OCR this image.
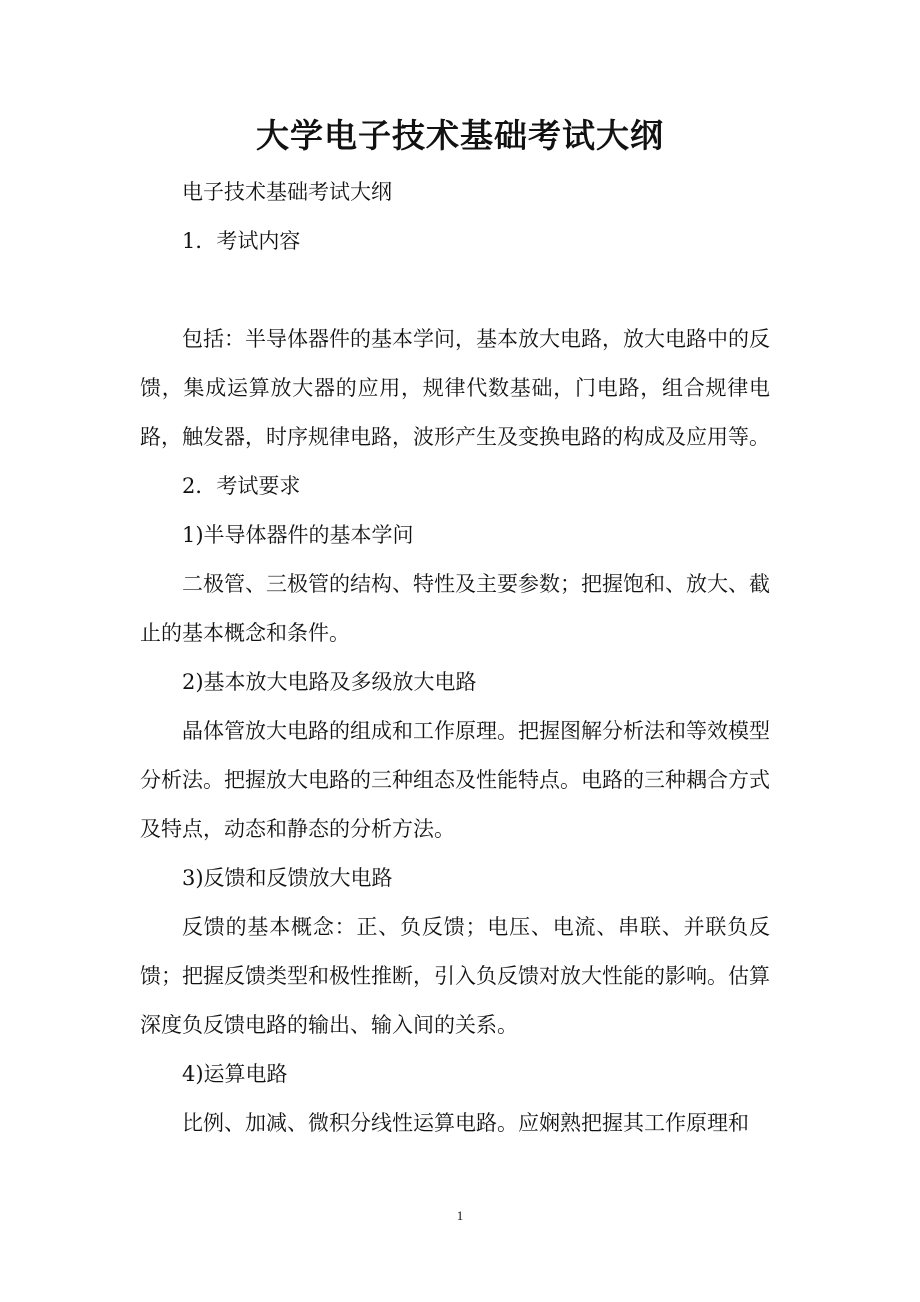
大学电子技术基础考试大纲

电子技术基础考试大纲

1．考试内容

包括：半导体器件的基本学问，基本放大电路，放大电路中的反馈，集成运算放大器的应用，规律代数基础，门电路，组合规律电路，触发器，时序规律电路，波形产生及变换电路的构成及应用等。

2．考试要求

1)半导体器件的基本学问

二极管、三极管的结构、特性及主要参数；把握饱和、放大、截止的基本概念和条件。

2)基本放大电路及多级放大电路

晶体管放大电路的组成和工作原理。把握图解分析法和等效模型分析法。把握放大电路的三种组态及性能特点。电路的三种耦合方式及特点，动态和静态的分析方法。

3)反馈和反馈放大电路

反馈的基本概念：正、负反馈；电压、电流、串联、并联负反馈；把握反馈类型和极性推断，引入负反馈对放大性能的影响。估算深度负反馈电路的输出、输入间的关系。

4)运算电路

比例、加减、微积分线性运算电路。应娴熟把握其工作原理和

1
